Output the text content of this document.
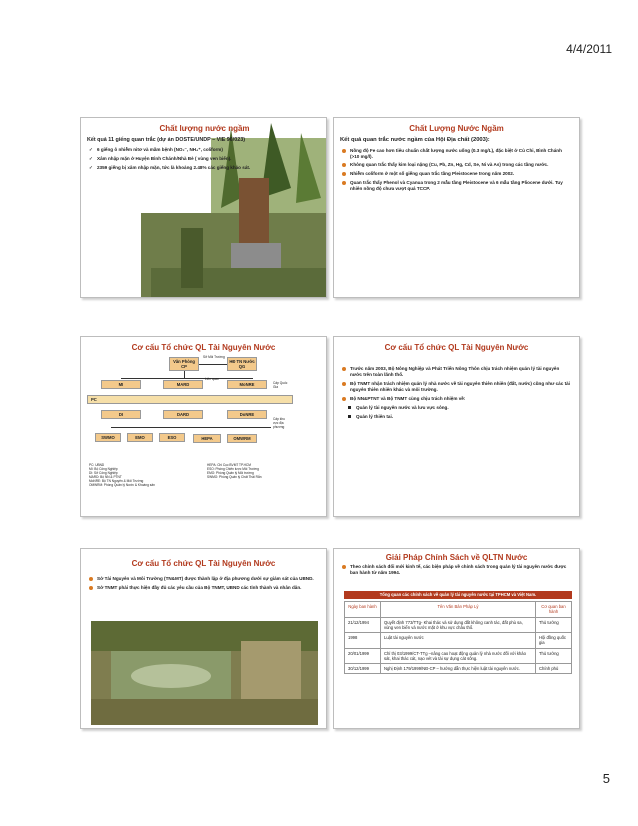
4/4/2011
Chất lượng nước ngầm
Kết quả 11 giếng quan trắc (dự án DOSTE/UNDP – VIE 96/023)
✓ 6 giếng ô nhiễm nitơ và mầm bệnh (NO₂⁻, NH₄⁺, coliform)
✓ Xâm nhập mặn ở Huyện Bình Chánh/Nhà Bè ( vùng ven biển).
✓ 2359 giếng bị xâm nhập mặn, tức là khoảng 2.48% các giếng khảo sát.
Chất Lượng Nước Ngầm
Kết quả quan trắc nước ngầm của Hội Địa chất (2003):
Nồng độ Fe cao hơn tiêu chuẩn chất lượng nước uống (0.3 mg/L), đặc biệt ở Củ Chi, Bình Chánh (>10 mg/l).
Không quan trắc thấy kim loại nặng (Cu, Pb, Zn, Hg, Cd, Se, Ni và As) trong các tầng nước.
Nhiễm coliform ở một số giếng quan trắc tầng Pleistocene trong năm 2002.
Quan trắc thấy Phenol và Cyanua trong 2 mẫu tầng Pleistocene và 6 mẫu tầng Pliocene dưới. Tuy nhiên nồng độ chưa vượt quá TCCP.
Cơ cấu Tổ chức QL Tài Nguyên Nước
Văn Phòng CP
HĐ TN Nước QG
Sở Môi Trường
MI	MARD	MoNRE
Liên quan
Cấp Quốc Gia
PC
DI	DARD	DoNRE
Cấp khu vực địa phương
SWMO	EMO	ESO	HEPA	OMWRM
PC: UBND
MI: Bộ Công Nghiệp
DI: Sở Công Nghiệp
MARD: Bộ NN & PTNT
MoNRE: Bộ TN Nguyên & Môi Trường
OMWRM: Phòng Quản lý Nước & Khoáng sản
HEPA: Chi Cục BVMT TP.HCM
ESO: Phòng Chiến lược Môi Trường
EMO: Phòng Quản lý Môi trường
SWMO: Phòng Quản lý Chất Thải Rắn
Cơ cấu Tổ chức QL Tài Nguyên Nước
Trước năm 2003, Bộ Nông Nghiệp và Phát Triển Nông Thôn chịu trách nhiệm quản lý tài nguyên nước trên toàn lãnh thổ.
Bộ TNMT nhận trách nhiệm quản lý nhà nước về tài nguyên thiên nhiên (đất, nước) cũng như các tài nguyên thiên nhiên khác và môi trường.
Bộ NN&PTNT và Bộ TNMT cùng chịu trách nhiệm về:
Quản lý tài nguyên nước và lưu vực sông.
Quản lý thiên tai.
Cơ cấu Tổ chức QL Tài Nguyên Nước
Sở Tài Nguyên và Môi Trường (TN&MT) được thành lập ở địa phương dưới sự giám sát của UBND.
Sở TNMT phải thực hiện đầy đủ các yêu cầu của Bộ TNMT, UBND các tỉnh thành và nhân dân.
Giải Pháp Chính Sách về QLTN Nước
Theo chính sách đổi mới kinh tế, các biện pháp về chính sách trong quản lý tài nguyên nước được ban hành từ năm 1994.
Tổng quan các chính sách về quản lý tài nguyên nước tại TPHCM và Việt Nam.
Ngày ban hành	Tên Văn Bản Pháp Lý	Cơ quan ban hành
21/12/1994	Quyết định 773/TTg- Khai thác và sử dụng đất không canh tác, đất phù sa, vùng ven biển và nước mặt ở khu vực châu thổ.	Thủ tướng
1998	Luật tài nguyên nước	Hội đồng quốc gia
20/01/1999	Chỉ thị 03/1999/CT-TTg –nâng cao hoạt động quản lý nhà nước đối với khảo sát, khai thác cát, nạo vét và tài sự dụng cát sông.	Thủ tướng
30/12/1999	Nghị Định 179/1999/NĐ-CP – hướng dẫn thực hiện luật tài nguyên nước.	Chính phủ
5
